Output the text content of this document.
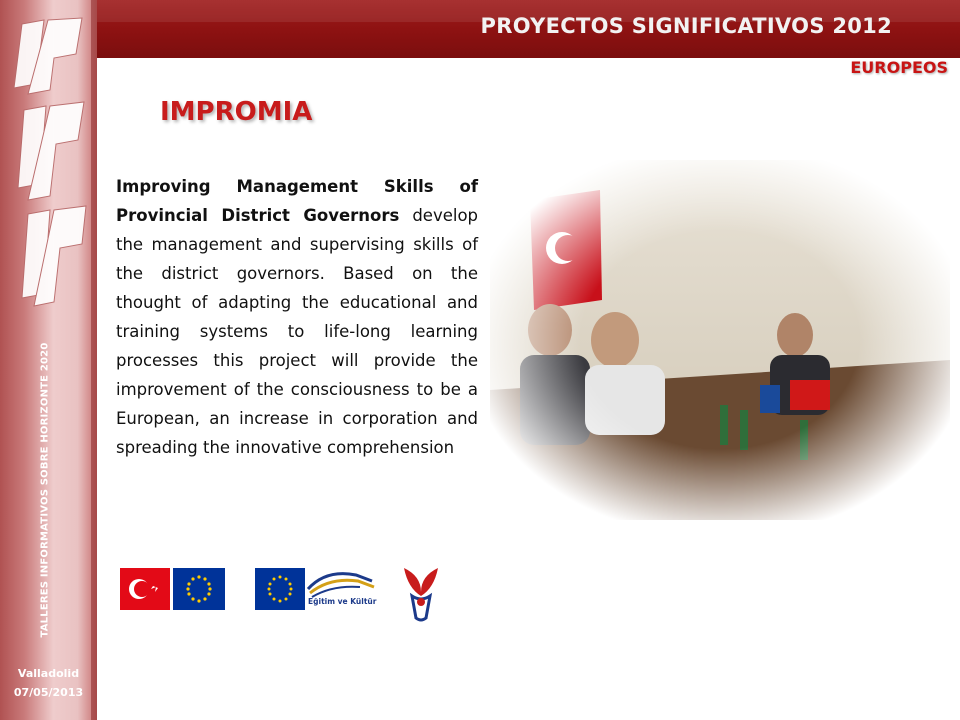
TALLERES INFORMATIVOS SOBRE HORIZONTE 2020
Valladolid
07/05/2013
PROYECTOS SIGNIFICATIVOS 2012
EUROPEOS
IMPROMIA
Improving Management Skills of Provincial District Governors develop the management and supervising skills of the district governors. Based on the thought of adapting the educational and training systems to life-long learning processes this project will provide the improvement of the consciousness to be a European, an increase in corporation and spreading the innovative comprehension
Eğitim ve Kültür
